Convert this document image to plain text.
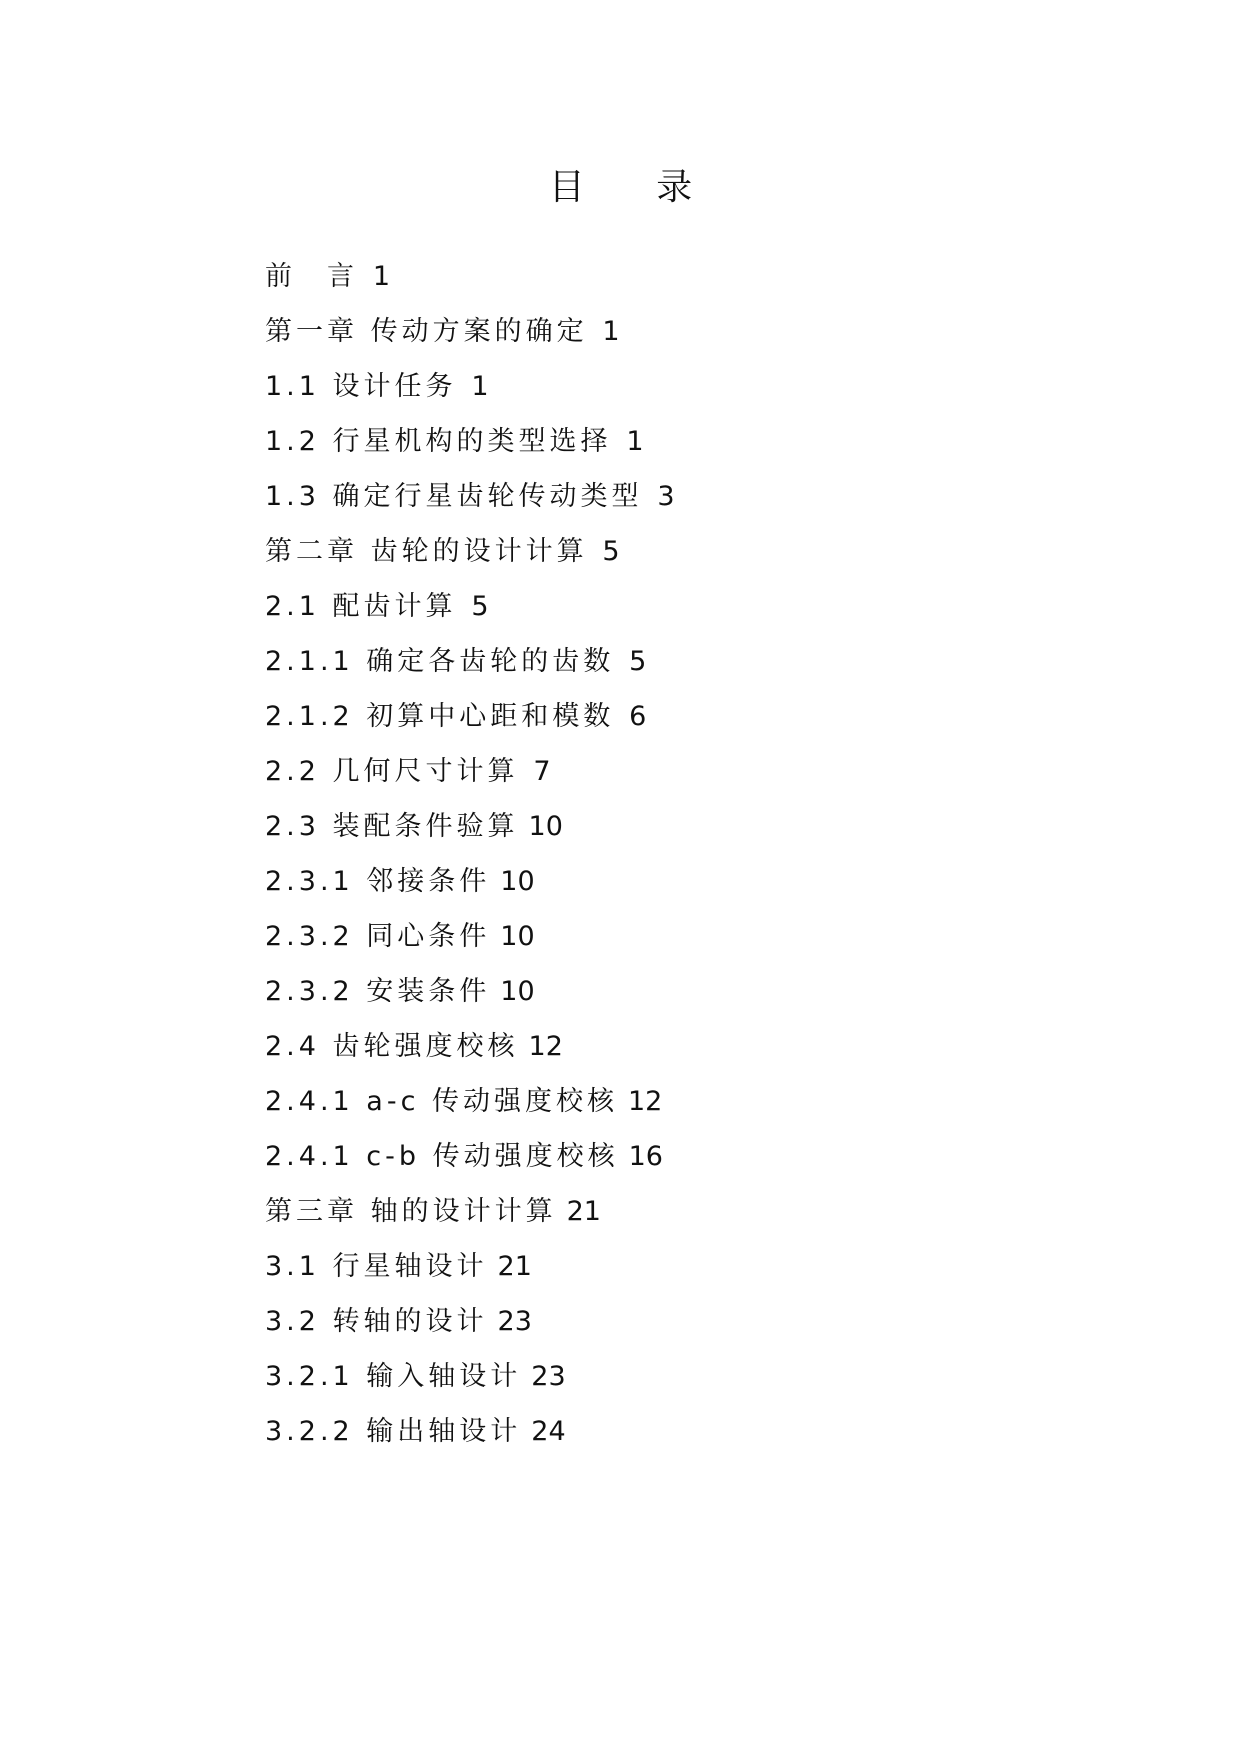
目 录
前　言 1
第一章 传动方案的确定 1
1.1 设计任务 1
1.2 行星机构的类型选择 1
1.3 确定行星齿轮传动类型 3
第二章 齿轮的设计计算 5
2.1 配齿计算 5
2.1.1 确定各齿轮的齿数 5
2.1.2 初算中心距和模数 6
2.2 几何尺寸计算 7
2.3 装配条件验算 10
2.3.1 邻接条件 10
2.3.2 同心条件 10
2.3.2 安装条件 10
2.4 齿轮强度校核 12
2.4.1 a-c 传动强度校核 12
2.4.1 c-b 传动强度校核 16
第三章 轴的设计计算 21
3.1 行星轴设计 21
3.2 转轴的设计 23
3.2.1 输入轴设计 23
3.2.2 输出轴设计 24
